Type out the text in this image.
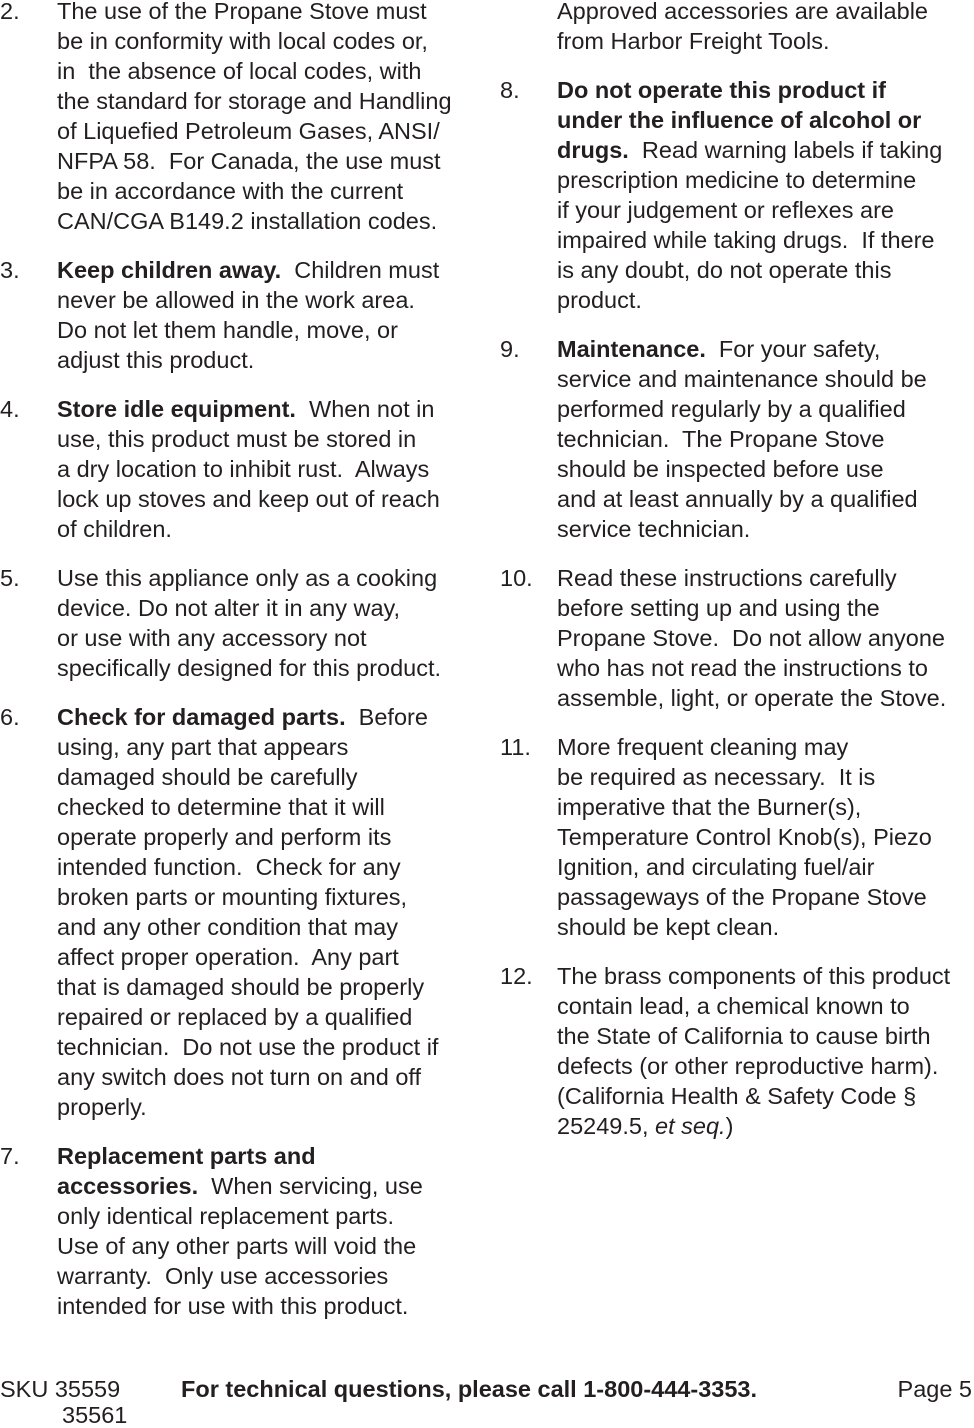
2. The use of the Propane Stove must
be in conformity with local codes or,
in  the absence of local codes, with
the standard for storage and Handling
of Liquefied Petroleum Gases, ANSI/
NFPA 58.  For Canada, the use must
be in accordance with the current
CAN/CGA B149.2 installation codes.
3. Keep children away.  Children must
never be allowed in the work area.
Do not let them handle, move, or
adjust this product.
4. Store idle equipment.  When not in
use, this product must be stored in
a dry location to inhibit rust.  Always
lock up stoves and keep out of reach
of children.
5. Use this appliance only as a cooking
device. Do not alter it in any way,
or use with any accessory not
specifically designed for this product.
6. Check for damaged parts.  Before
using, any part that appears
damaged should be carefully
checked to determine that it will
operate properly and perform its
intended function.  Check for any
broken parts or mounting fixtures,
and any other condition that may
affect proper operation.  Any part
that is damaged should be properly
repaired or replaced by a qualified
technician.  Do not use the product if
any switch does not turn on and off
properly.
7. Replacement parts and
accessories.  When servicing, use
only identical replacement parts.
Use of any other parts will void the
warranty.  Only use accessories
intended for use with this product.
Approved accessories are available
from Harbor Freight Tools.
8. Do not operate this product if
under the influence of alcohol or
drugs.  Read warning labels if taking
prescription medicine to determine
if your judgement or reflexes are
impaired while taking drugs.  If there
is any doubt, do not operate this
product.
9. Maintenance.  For your safety,
service and maintenance should be
performed regularly by a qualified
technician.  The Propane Stove
should be inspected before use
and at least annually by a qualified
service technician.
10. Read these instructions carefully
before setting up and using the
Propane Stove.  Do not allow anyone
who has not read the instructions to
assemble, light, or operate the Stove.
11. More frequent cleaning may
be required as necessary.  It is
imperative that the Burner(s),
Temperature Control Knob(s), Piezo
Ignition, and circulating fuel/air
passageways of the Propane Stove
should be kept clean.
12. The brass components of this product
contain lead, a chemical known to
the State of California to cause birth
defects (or other reproductive harm).
(California Health & Safety Code §
25249.5, et seq.)
SKU 35559
35561
For technical questions, please call 1-800-444-3353.	Page 5
